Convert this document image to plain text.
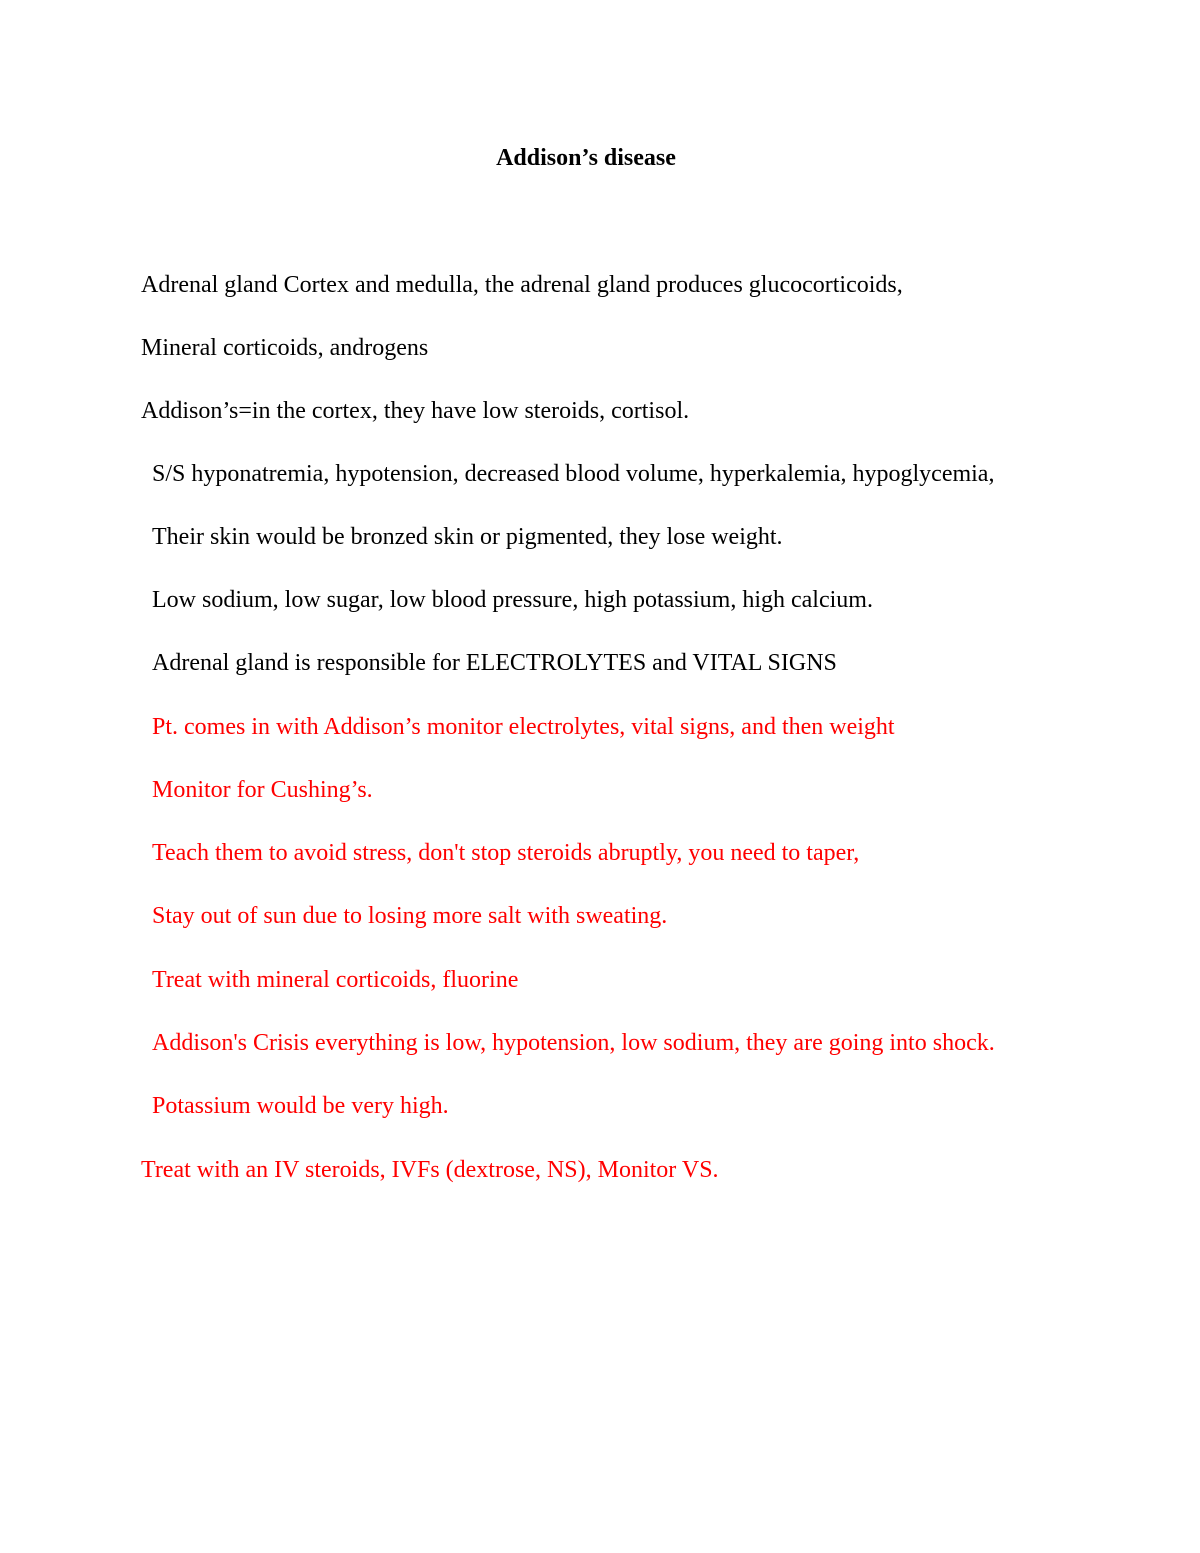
Addison’s disease
Adrenal gland Cortex and medulla, the adrenal gland produces glucocorticoids,
Mineral corticoids, androgens
Addison’s=in the cortex, they have low steroids, cortisol.
S/S hyponatremia, hypotension, decreased blood volume, hyperkalemia, hypoglycemia,
Their skin would be bronzed skin or pigmented, they lose weight.
Low sodium, low sugar, low blood pressure, high potassium, high calcium.
Adrenal gland is responsible for ELECTROLYTES and VITAL SIGNS
Pt. comes in with Addison’s monitor electrolytes, vital signs, and then weight
Monitor for Cushing’s.
Teach them to avoid stress, don't stop steroids abruptly, you need to taper,
Stay out of sun due to losing more salt with sweating.
Treat with mineral corticoids, fluorine
Addison's Crisis everything is low, hypotension, low sodium, they are going into shock.
Potassium would be very high.
Treat with an IV steroids, IVFs (dextrose, NS), Monitor VS.
